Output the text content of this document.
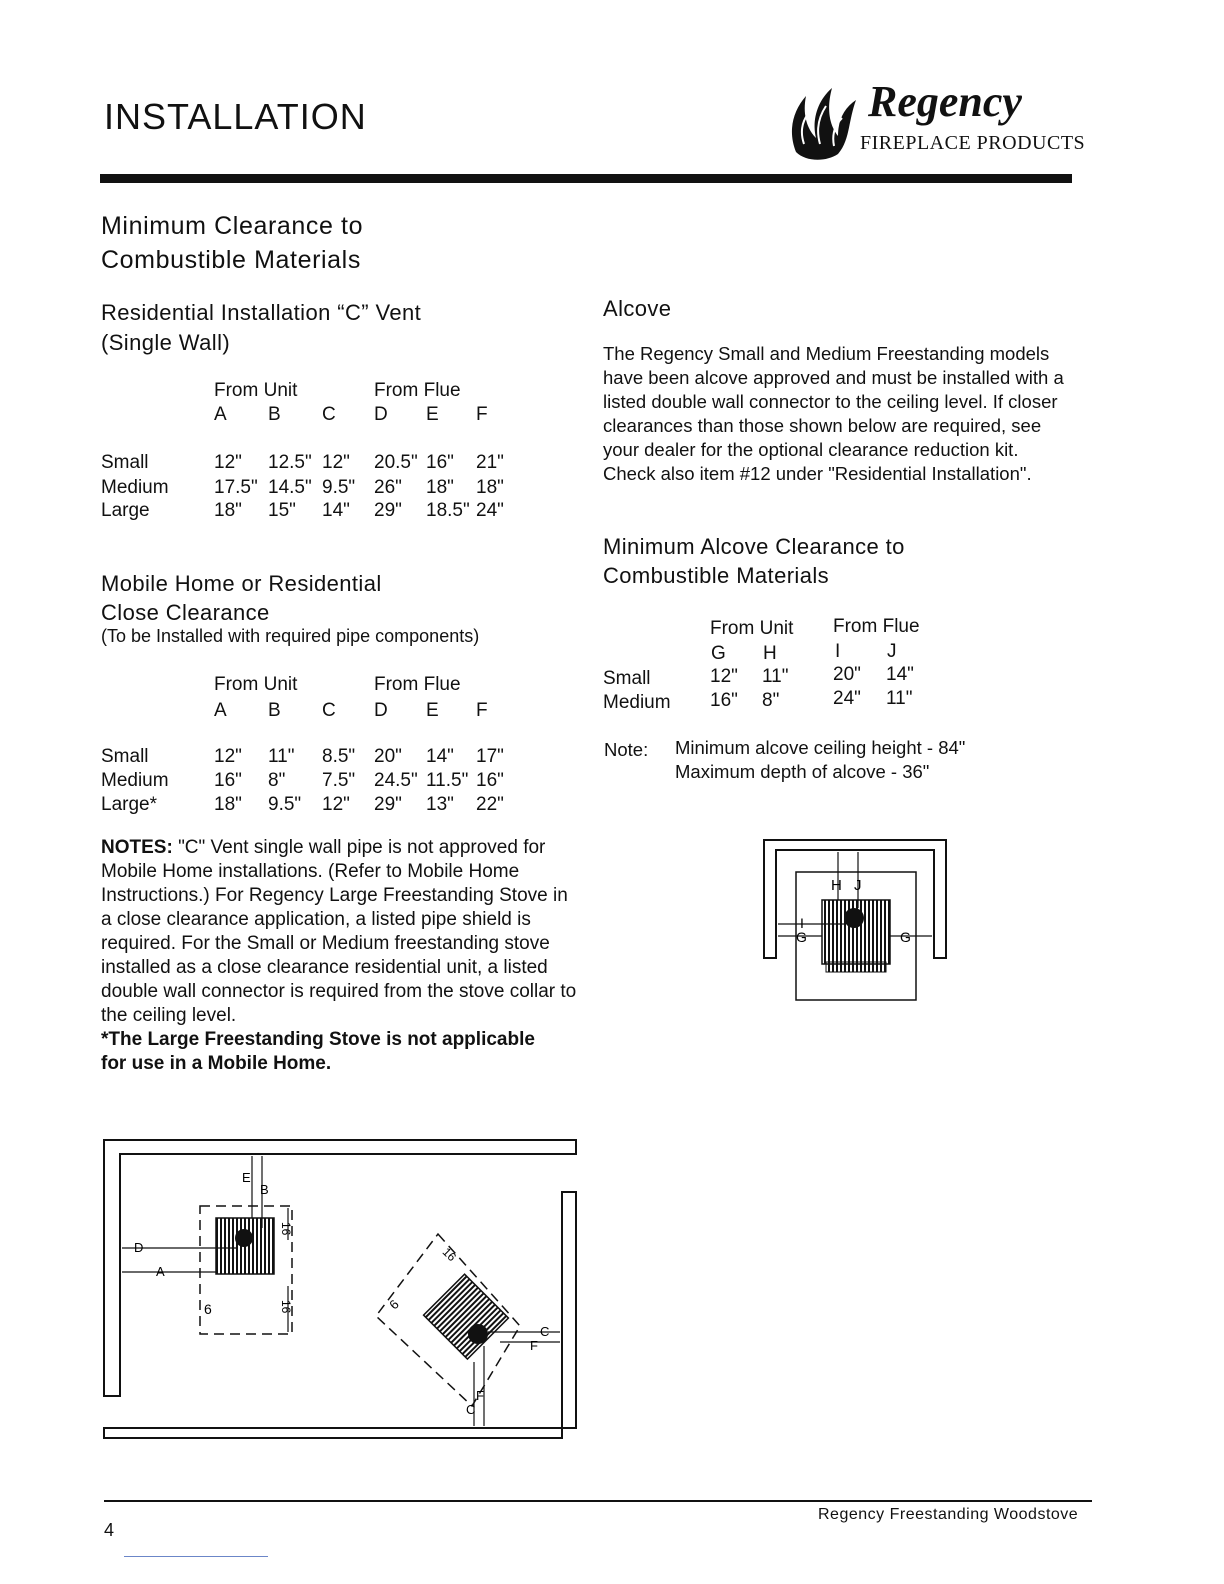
INSTALLATION	Regency
FIREPLACE PRODUCTS
Minimum Clearance to
Combustible Materials
Residential Installation “C” Vent
(Single Wall)
From Unit	From Flue
A B C D E F
Small	12" 12.5" 12" 20.5" 16" 21"
Medium 17.5" 14.5" 9.5" 26" 18" 18"
Large	18" 15" 14" 29" 18.5" 24"
Mobile Home or Residential
Close Clearance
(To be Installed with required pipe components)
From Unit	From Flue
A B C D E F
Small	12" 11" 8.5" 20" 14" 17"
Medium 16" 8" 7.5" 24.5" 11.5" 16"
Large*	18" 9.5" 12" 29" 13" 22"
NOTES: "C" Vent single wall pipe is not approved for Mobile Home installations. (Refer to Mobile Home Instructions.) For Regency Large Freestanding Stove in a close clearance application, a listed pipe shield is required. For the Small or Medium freestanding stove installed as a close clearance residential unit, a listed double wall connector is required from the stove collar to the ceiling level.
*The Large Freestanding Stove is not applicable
for use in a Mobile Home.
Alcove
The Regency Small and Medium Freestanding models have been alcove approved and must be installed with a listed double wall connector to the ceiling level. If closer clearances than those shown below are required, see your dealer for the optional clearance reduction kit. Check also item #12 under "Residential Installation".
Minimum Alcove Clearance to
Combustible Materials
From Unit From Flue
G H	I J
Small	12" 11" 20" 14"
Medium 16" 8"	24" 11"
Note: Minimum alcove ceiling height - 84"
Maximum depth of alcove - 36"
H J
I
G	G
E
B
D
A
6
16
16
C
F
C
F
16
6
4
Regency Freestanding Woodstove
